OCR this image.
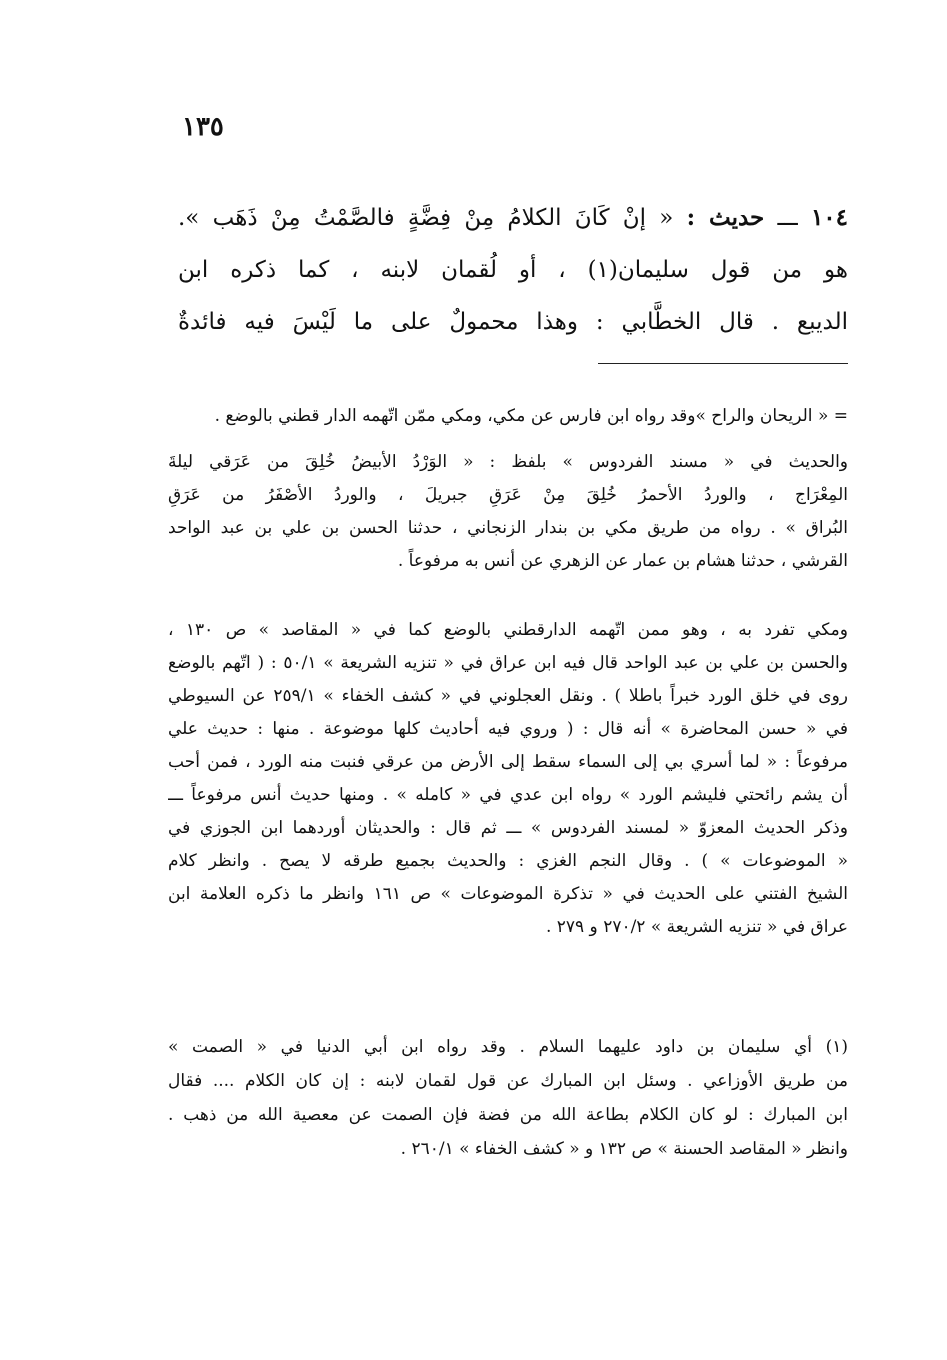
١٣٥
١٠٤ ـــ حديث : « إنْ كَانَ الكلامُ مِنْ فِضَّةٍ فالصَّمْتُ مِنْ ذَهَب ».
هو من قول سليمان(١) ، أو لُقمان لابنه ، كما ذكره ابن
الديبع . قال الخطَّابي : وهذا محمولٌ على ما لَيْسَ فيه فائدةٌ
= « الريحان والراح »وقد رواه ابن فارس عن مكي، ومكي ممّن اتّهمه الدار قطني بالوضع .
والحديث في « مسند الفردوس » بلفظ : « الوَرْدُ الأبيضُ خُلِقَ من عَرَقي ليلةَ
المِعْرَاج ، والوردُ الأحمرُ خُلِقَ مِنْ عَرَقِ جبريلَ ، والوردُ الأصْفَرُ من عَرَقِ
البُراق » . رواه من طريق مكي بن بندار الزنجاني ، حدثنا الحسن بن علي بن عبد الواحد
القرشي ، حدثنا هشام بن عمار عن الزهري عن أنس به مرفوعاً .
ومكي تفرد به ، وهو ممن اتّهمه الدارقطني بالوضع كما في « المقاصد » ص ١٣٠ ،
والحسن بن علي بن عبد الواحد قال فيه ابن عراق في « تنزيه الشريعة » ٥٠/١ : ( اتّهم بالوضع
روى في خلق الورد خبراً باطلا ) . ونقل العجلوني في « كشف الخفاء » ٢٥٩/١ عن السيوطي
في « حسن المحاضرة » أنه قال : ( وروي فيه أحاديث كلها موضوعة . منها : حديث علي
مرفوعاً : « لما أسري بي إلى السماء سقط إلى الأرض من عرقي فنبت منه الورد ، فمن أحب
أن يشم رائحتي فليشم الورد » رواه ابن عدي في « كامله » . ومنها حديث أنس مرفوعاً ـــ
وذكر الحديث المعزوّ « لمسند الفردوس » ـــ ثم قال : والحديثان أوردهما ابن الجوزي في
« الموضوعات » ) . وقال النجم الغزي : والحديث بجميع طرقه لا يصح . وانظر كلام
الشيخ الفتني على الحديث في « تذكرة الموضوعات » ص ١٦١ وانظر ما ذكره العلامة ابن
عراق في « تنزيه الشريعة » ٢٧٠/٢ و ٢٧٩ .
(١) أي سليمان بن داود عليهما السلام . وقد رواه ابن أبي الدنيا في « الصمت »
من طريق الأوزاعي . وسئل ابن المبارك عن قول لقمان لابنه : إن كان الكلام .... فقال
ابن المبارك : لو كان الكلام بطاعة الله من فضة فإن الصمت عن معصية الله من ذهب .
وانظر « المقاصد الحسنة » ص ١٣٢ و « كشف الخفاء » ٢٦٠/١ .
